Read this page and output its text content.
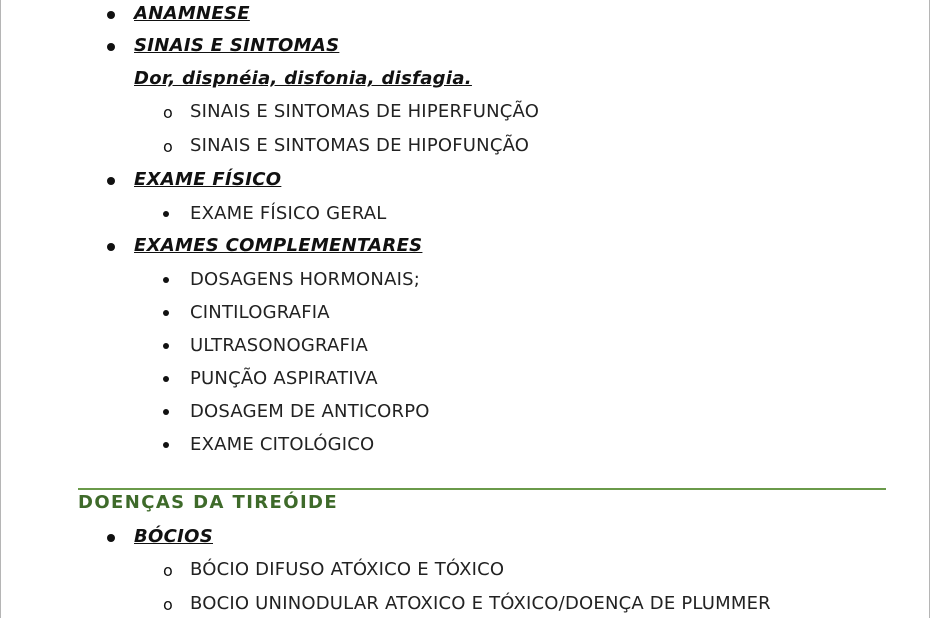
ANAMNESE
SINAIS E SINTOMAS
Dor, dispnéia, disfonia, disfagia.
o SINAIS E SINTOMAS DE HIPERFUNÇÃO
o SINAIS E SINTOMAS DE HIPOFUNÇÃO
EXAME FÍSICO
EXAME FÍSICO GERAL
EXAMES COMPLEMENTARES
DOSAGENS HORMONAIS;
CINTILOGRAFIA
ULTRASONOGRAFIA
PUNÇÃO ASPIRATIVA
DOSAGEM DE ANTICORPO
EXAME CITOLÓGICO
DOENÇAS DA TIREÓIDE
BÓCIOS
o BÓCIO DIFUSO ATÓXICO E TÓXICO
o BOCIO UNINODULAR ATOXICO E TÓXICO/DOENÇA DE PLUMMER
